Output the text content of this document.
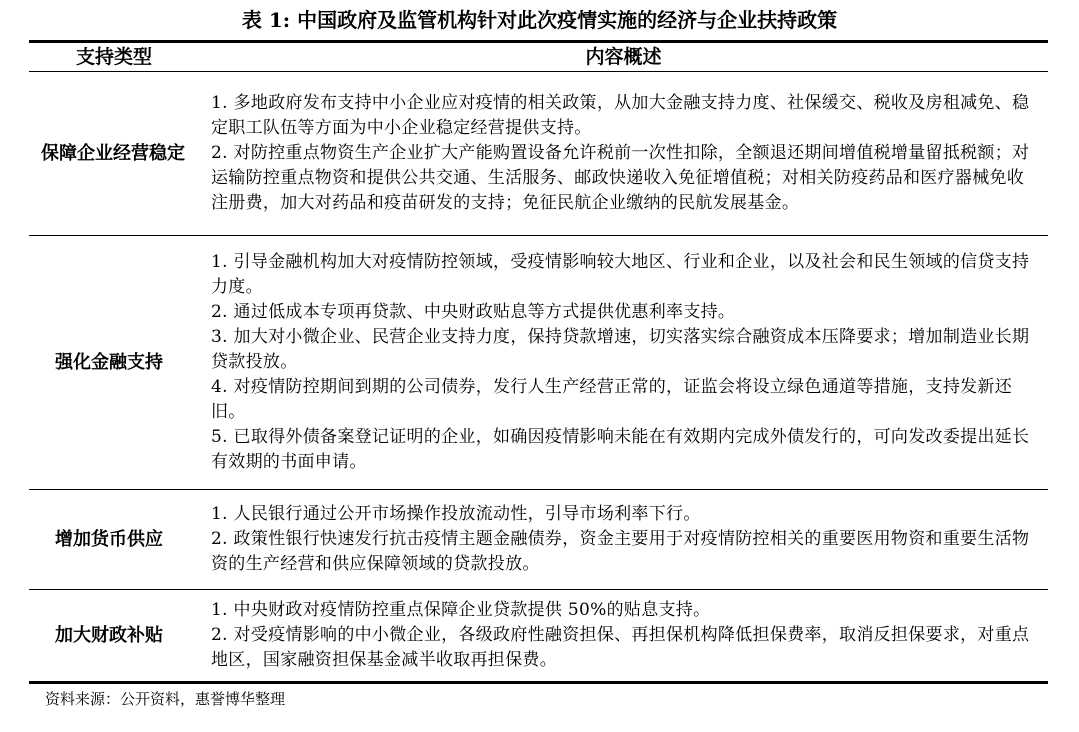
表 1: 中国政府及监管机构针对此次疫情实施的经济与企业扶持政策
支持类型	内容概述
保障企业经营稳定	1. 多地政府发布支持中小企业应对疫情的相关政策，从加大金融支持力度、社保缓交、税收及房租减免、稳定职工队伍等方面为中小企业稳定经营提供支持。
2. 对防控重点物资生产企业扩大产能购置设备允许税前一次性扣除，全额退还期间增值税增量留抵税额；对运输防控重点物资和提供公共交通、生活服务、邮政快递收入免征增值税；对相关防疫药品和医疗器械免收注册费，加大对药品和疫苗研发的支持；免征民航企业缴纳的民航发展基金。

强化金融支持	1. 引导金融机构加大对疫情防控领域，受疫情影响较大地区、行业和企业，以及社会和民生领域的信贷支持力度。
2. 通过低成本专项再贷款、中央财政贴息等方式提供优惠利率支持。
3. 加大对小微企业、民营企业支持力度，保持贷款增速，切实落实综合融资成本压降要求；增加制造业长期贷款投放。
4. 对疫情防控期间到期的公司债券，发行人生产经营正常的，证监会将设立绿色通道等措施，支持发新还旧。
5. 已取得外债备案登记证明的企业，如确因疫情影响未能在有效期内完成外债发行的，可向发改委提出延长有效期的书面申请。

增加货币供应	1. 人民银行通过公开市场操作投放流动性，引导市场利率下行。
2. 政策性银行快速发行抗击疫情主题金融债券，资金主要用于对疫情防控相关的重要医用物资和重要生活物资的生产经营和供应保障领域的贷款投放。

加大财政补贴	1. 中央财政对疫情防控重点保障企业贷款提供 50%的贴息支持。
2. 对受疫情影响的中小微企业，各级政府性融资担保、再担保机构降低担保费率，取消反担保要求，对重点地区，国家融资担保基金减半收取再担保费。
资料来源：公开资料，惠誉博华整理
